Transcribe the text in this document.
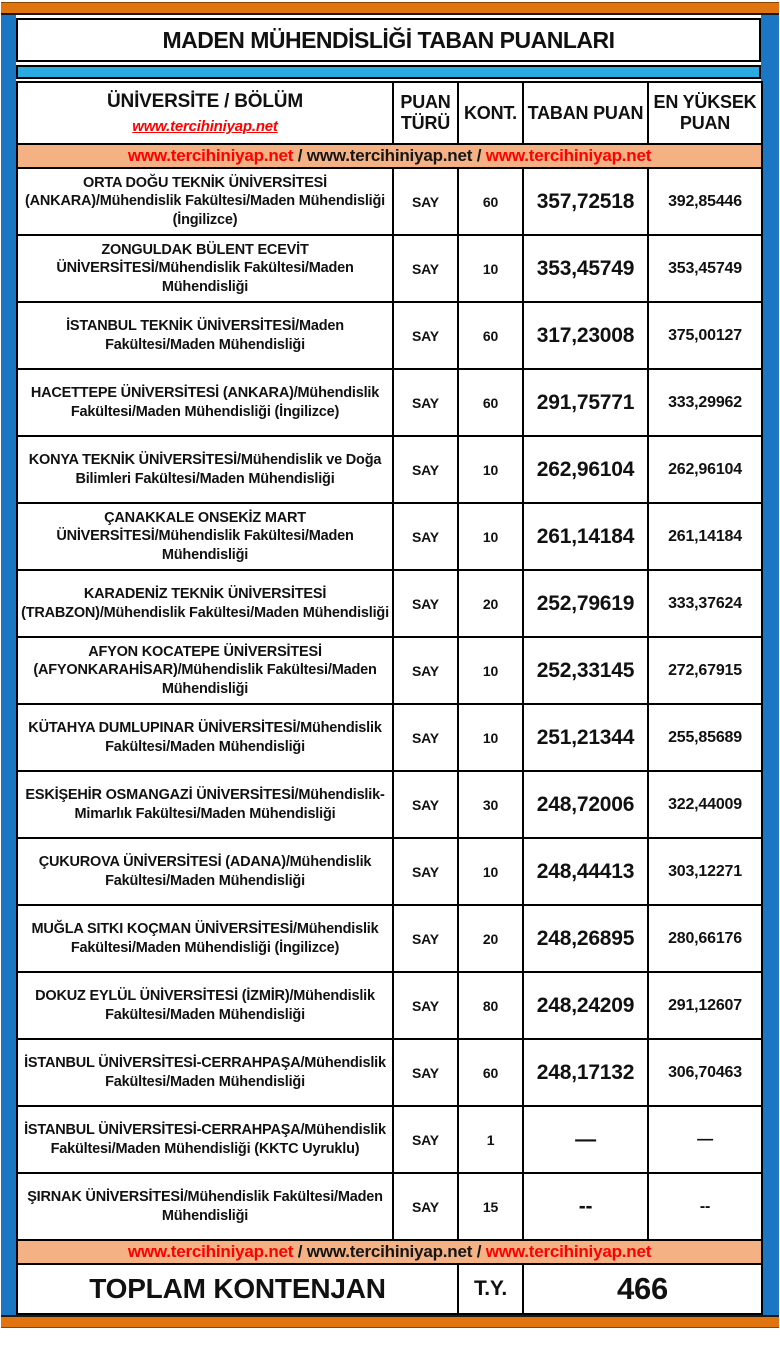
MADEN MÜHENDİSLİĞİ TABAN PUANLARI
ÜNİVERSİTE / BÖLÜM
www.tercihiniyap.net	PUAN TÜRÜ	KONT.	TABAN PUAN	EN YÜKSEK PUAN
www.tercihiniyap.net / www.tercihiniyap.net / www.tercihiniyap.net				
ORTA DOĞU TEKNİK ÜNİVERSİTESİ (ANKARA)/Mühendislik Fakültesi/Maden Mühendisliği (İngilizce)	SAY	60	357,72518	392,85446
ZONGULDAK BÜLENT ECEVİT ÜNİVERSİTESİ/Mühendislik Fakültesi/Maden Mühendisliği	SAY	10	353,45749	353,45749
İSTANBUL TEKNİK ÜNİVERSİTESİ/Maden Fakültesi/Maden Mühendisliği	SAY	60	317,23008	375,00127
HACETTEPE ÜNİVERSİTESİ (ANKARA)/Mühendislik Fakültesi/Maden Mühendisliği (İngilizce)	SAY	60	291,75771	333,29962
KONYA TEKNİK ÜNİVERSİTESİ/Mühendislik ve Doğa Bilimleri Fakültesi/Maden Mühendisliği	SAY	10	262,96104	262,96104
ÇANAKKALE ONSEKİZ MART ÜNİVERSİTESİ/Mühendislik Fakültesi/Maden Mühendisliği	SAY	10	261,14184	261,14184
KARADENİZ TEKNİK ÜNİVERSİTESİ (TRABZON)/Mühendislik Fakültesi/Maden Mühendisliği	SAY	20	252,79619	333,37624
AFYON KOCATEPE ÜNİVERSİTESİ (AFYONKARAHİSAR)/Mühendislik Fakültesi/Maden Mühendisliği	SAY	10	252,33145	272,67915
KÜTAHYA DUMLUPINAR ÜNİVERSİTESİ/Mühendislik Fakültesi/Maden Mühendisliği	SAY	10	251,21344	255,85689
ESKİŞEHİR OSMANGAZİ ÜNİVERSİTESİ/Mühendislik-Mimarlık Fakültesi/Maden Mühendisliği	SAY	30	248,72006	322,44009
ÇUKUROVA ÜNİVERSİTESİ (ADANA)/Mühendislik Fakültesi/Maden Mühendisliği	SAY	10	248,44413	303,12271
MUĞLA SITKI KOÇMAN ÜNİVERSİTESİ/Mühendislik Fakültesi/Maden Mühendisliği (İngilizce)	SAY	20	248,26895	280,66176
DOKUZ EYLÜL ÜNİVERSİTESİ (İZMİR)/Mühendislik Fakültesi/Maden Mühendisliği	SAY	80	248,24209	291,12607
İSTANBUL ÜNİVERSİTESİ-CERRAHPAŞA/Mühendislik Fakültesi/Maden Mühendisliği	SAY	60	248,17132	306,70463
İSTANBUL ÜNİVERSİTESİ-CERRAHPAŞA/Mühendislik Fakültesi/Maden Mühendisliği (KKTC Uyruklu)	SAY	1	—	—
ŞIRNAK ÜNİVERSİTESİ/Mühendislik Fakültesi/Maden Mühendisliği	SAY	15	--	--
www.tercihiniyap.net / www.tercihiniyap.net / www.tercihiniyap.net				
TOPLAM KONTENJAN		T.Y.	466	
